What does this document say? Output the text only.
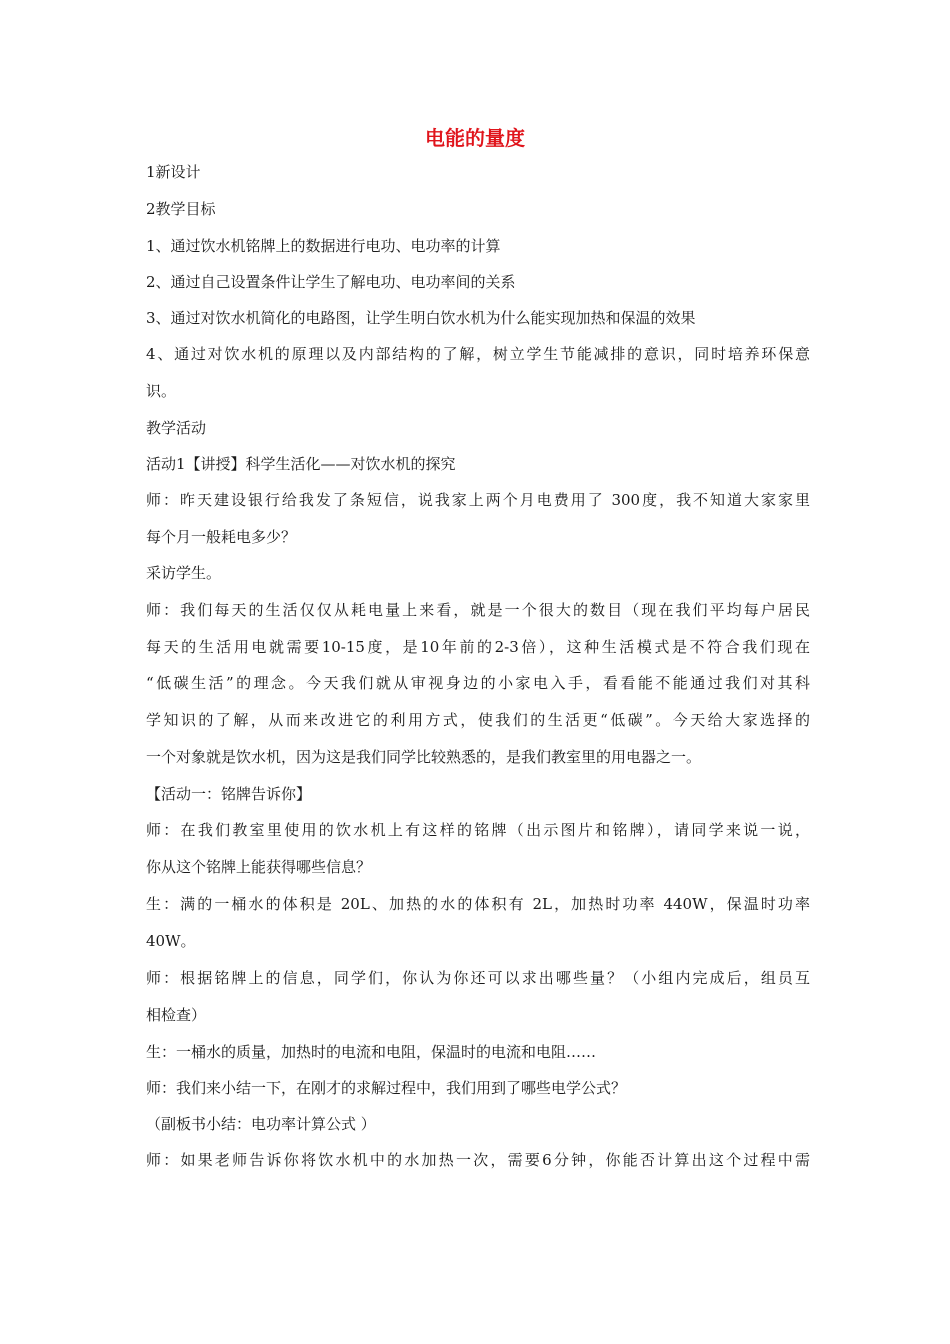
电能的量度
1新设计
2教学目标
1、通过饮水机铭牌上的数据进行电功、电功率的计算
2、通过自己设置条件让学生了解电功、电功率间的关系
3、通过对饮水机简化的电路图，让学生明白饮水机为什么能实现加热和保温的效果
4、通过对饮水机的原理以及内部结构的了解，树立学生节能减排的意识，同时培养环保意
识。
教学活动
活动1【讲授】科学生活化——对饮水机的探究
师：昨天建设银行给我发了条短信，说我家上两个月电费用了 300度，我不知道大家家里
每个月一般耗电多少？
采访学生。
师：我们每天的生活仅仅从耗电量上来看，就是一个很大的数目（现在我们平均每户居民
每天的生活用电就需要10-15度，是10年前的2-3倍），这种生活模式是不符合我们现在
“低碳生活”的理念。今天我们就从审视身边的小家电入手，看看能不能通过我们对其科
学知识的了解，从而来改进它的利用方式，使我们的生活更“低碳”。今天给大家选择的
一个对象就是饮水机，因为这是我们同学比较熟悉的，是我们教室里的用电器之一。
【活动一：铭牌告诉你】
师：在我们教室里使用的饮水机上有这样的铭牌（出示图片和铭牌），请同学来说一说，
你从这个铭牌上能获得哪些信息？
生：满的一桶水的体积是 20L、加热的水的体积有 2L，加热时功率 440W，保温时功率
40W。
师：根据铭牌上的信息，同学们，你认为你还可以求出哪些量？（小组内完成后，组员互
相检查）
生：一桶水的质量，加热时的电流和电阻，保温时的电流和电阻……
师：我们来小结一下，在刚才的求解过程中，我们用到了哪些电学公式？
（副板书小结：电功率计算公式 ）
师：如果老师告诉你将饮水机中的水加热一次，需要6分钟，你能否计算出这个过程中需
